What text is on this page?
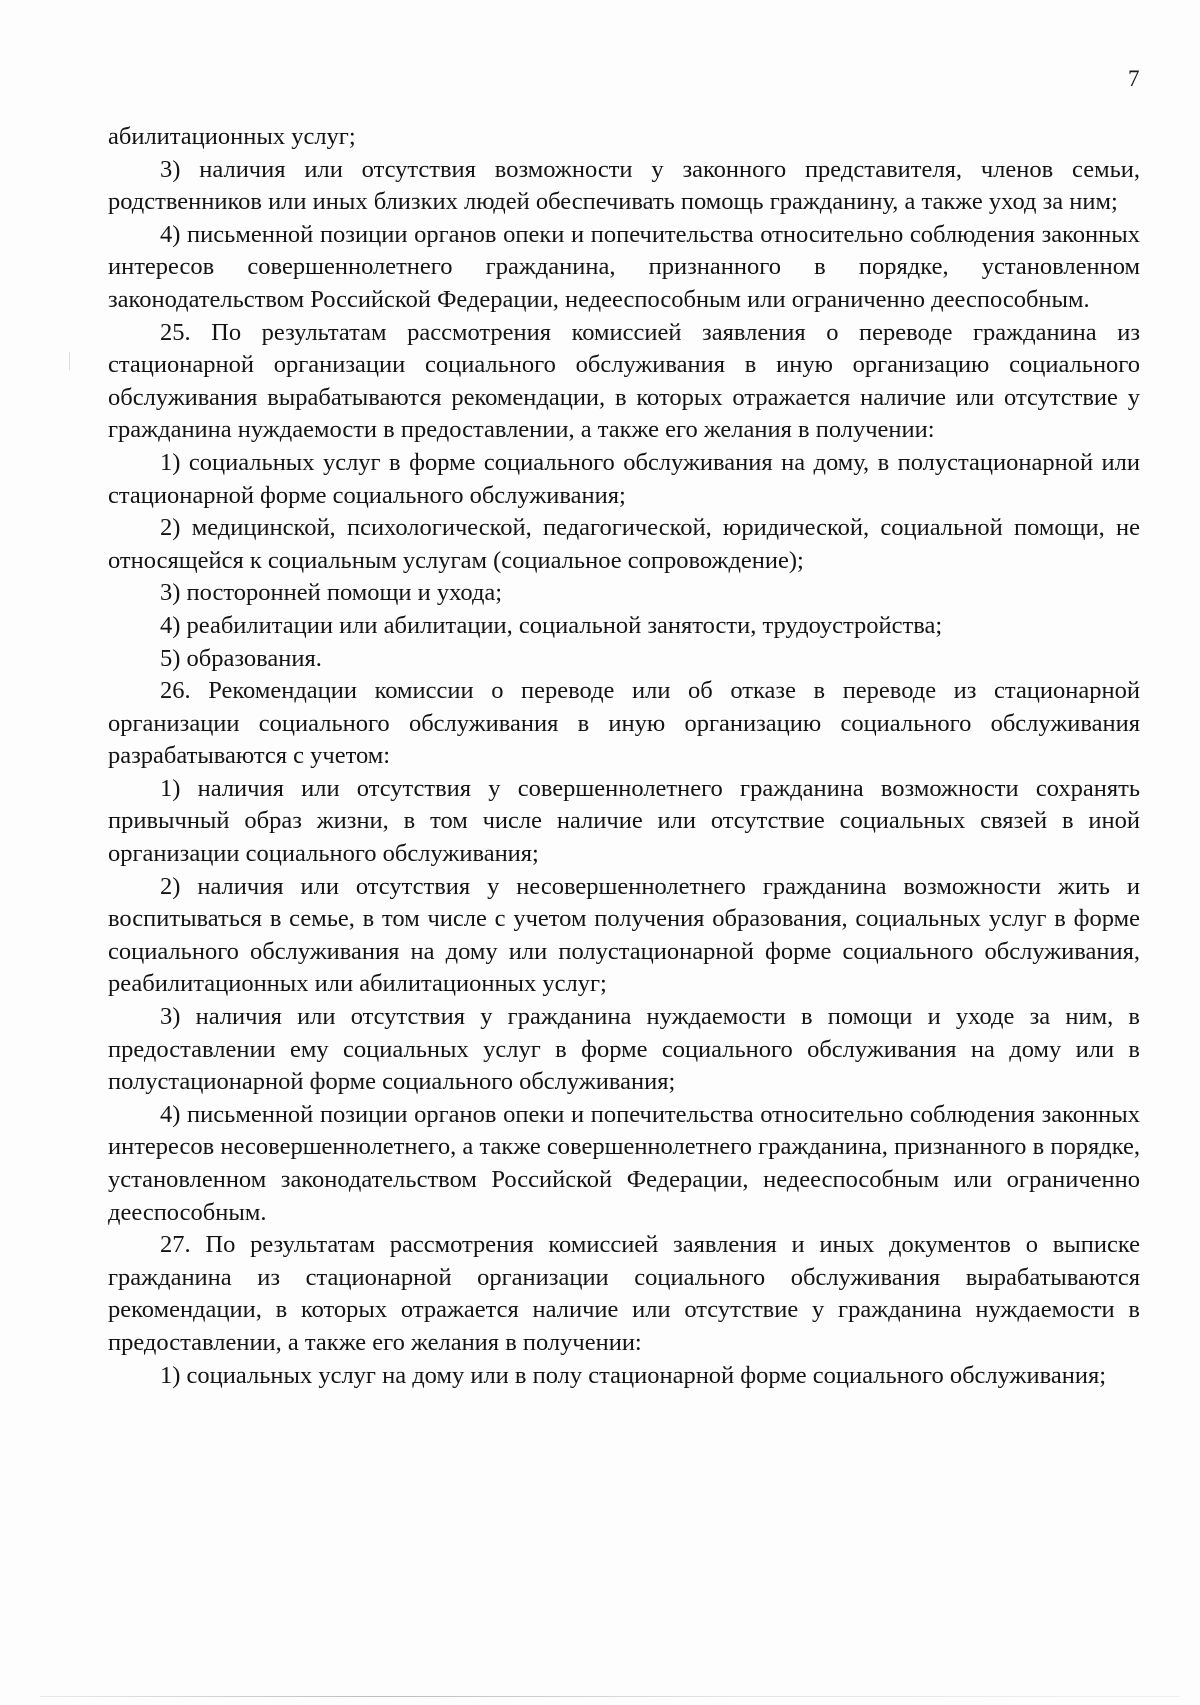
7

абилитационных услуг;

3) наличия или отсутствия возможности у законного представителя, членов семьи, родственников или иных близких людей обеспечивать помощь гражданину, а также уход за ним;

4) письменной позиции органов опеки и попечительства относительно соблюдения законных интересов совершеннолетнего гражданина, признанного в порядке, установленном законодательством Российской Федерации, недееспособным или ограниченно дееспособным.

25. По результатам рассмотрения комиссией заявления о переводе гражданина из стационарной организации социального обслуживания в иную организацию социального обслуживания вырабатываются рекомендации, в которых отражается наличие или отсутствие у гражданина нуждаемости в предоставлении, а также его желания в получении:

1) социальных услуг в форме социального обслуживания на дому, в полустационарной или стационарной форме социального обслуживания;

2) медицинской, психологической, педагогической, юридической, социальной помощи, не относящейся к социальным услугам (социальное сопровождение);

3) посторонней помощи и ухода;

4) реабилитации или абилитации, социальной занятости, трудоустройства;

5) образования.

26. Рекомендации комиссии о переводе или об отказе в переводе из стационарной организации социального обслуживания в иную организацию социального обслуживания разрабатываются с учетом:

1) наличия или отсутствия у совершеннолетнего гражданина возможности сохранять привычный образ жизни, в том числе наличие или отсутствие социальных связей в иной организации социального обслуживания;

2) наличия или отсутствия у несовершеннолетнего гражданина возможности жить и воспитываться в семье, в том числе с учетом получения образования, социальных услуг в форме социального обслуживания на дому или полустационарной форме социального обслуживания, реабилитационных или абилитационных услуг;

3) наличия или отсутствия у гражданина нуждаемости в помощи и уходе за ним, в предоставлении ему социальных услуг в форме социального обслуживания на дому или в полустационарной форме социального обслуживания;

4) письменной позиции органов опеки и попечительства относительно соблюдения законных интересов несовершеннолетнего, а также совершеннолетнего гражданина, признанного в порядке, установленном законодательством Российской Федерации, недееспособным или ограниченно дееспособным.

27. По результатам рассмотрения комиссией заявления и иных документов о выписке гражданина из стационарной организации социального обслуживания вырабатываются рекомендации, в которых отражается наличие или отсутствие у гражданина нуждаемости в предоставлении, а также его желания в получении:

1) социальных услуг на дому или в полу стационарной форме социального обслуживания;
